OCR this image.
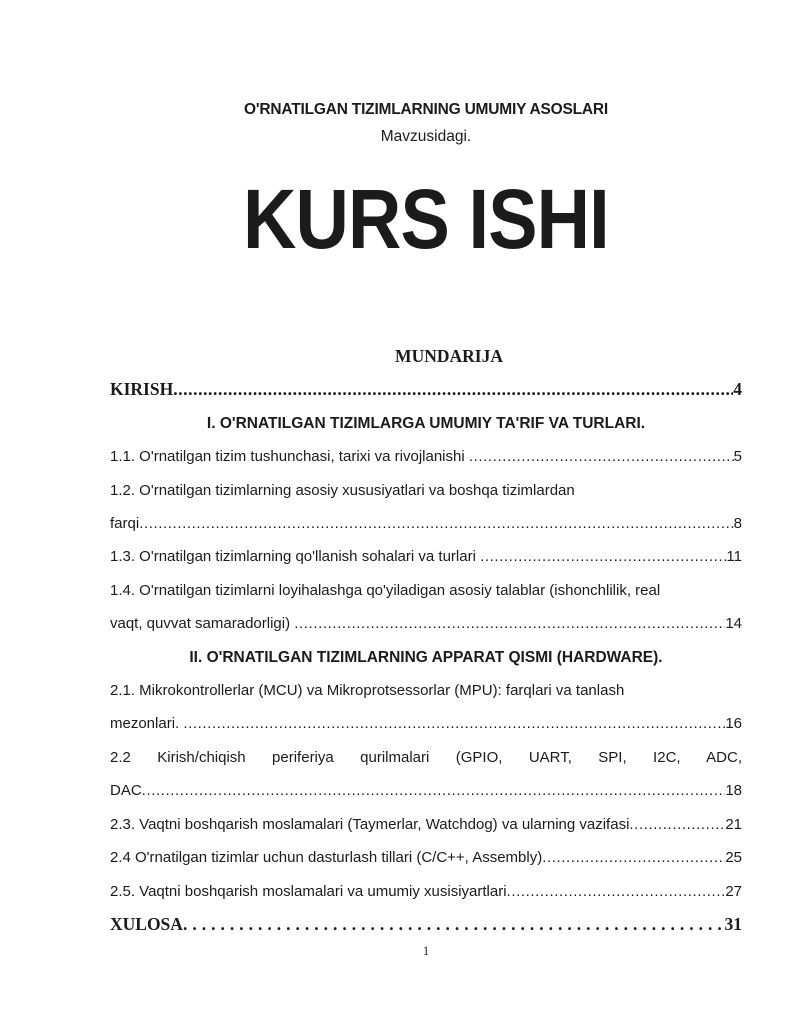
O'RNATILGAN TIZIMLARNING UMUMIY ASOSLARI
Mavzusidagi.
KURS ISHI
MUNDARIJA
KIRISH .....	4
I. O'RNATILGAN TIZIMLARGA UMUMIY TA'RIF VA TURLARI.
1.1. O'rnatilgan tizim tushunchasi, tarixi va rivojlanishi .....	5
1.2. O'rnatilgan tizimlarning asosiy xususiyatlari va boshqa tizimlardan
farqi .....	8
1.3. O'rnatilgan tizimlarning qo'llanish sohalari va turlari .....	11
1.4. O'rnatilgan tizimlarni loyihalashga qo'yiladigan asosiy talablar (ishonchlilik, real
vaqt, quvvat samaradorligi) .....	14
II. O'RNATILGAN TIZIMLARNING APPARAT QISMI (HARDWARE).
2.1. Mikrokontrollerlar (MCU) va Mikroprotsessorlar (MPU): farqlari va tanlash
mezonlari. .....	16
2.2 Kirish/chiqish periferiya qurilmalari (GPIO, UART, SPI, I2C, ADC,
DAC .....	18
2.3. Vaqtni boshqarish moslamalari (Taymerlar, Watchdog) va ularning vazifasi .....	21
2.4 O'rnatilgan tizimlar uchun dasturlash tillari (C/C++, Assembly) .....	25
2.5. Vaqtni boshqarish moslamalari va umumiy xusisiyartlari .....	27
XULOSA .....	31
1
